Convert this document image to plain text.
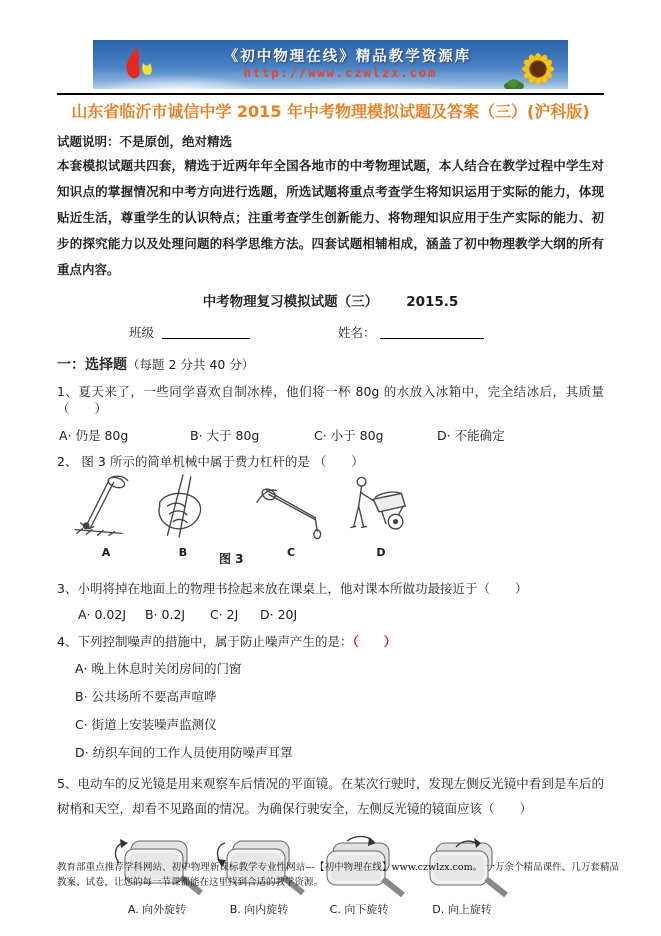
《初中物理在线》精品教学资源库
http://www.czwlzx.com
山东省临沂市诚信中学 2015 年中考物理模拟试题及答案（三）(沪科版)
试题说明：不是原创，绝对精选
本套模拟试题共四套，精选于近两年年全国各地市的中考物理试题，本人结合在教学过程中学生对知识点的掌握情况和中考方向进行选题，所选试题将重点考查学生将知识运用于实际的能力，体现贴近生活，尊重学生的认识特点；注重考查学生创新能力、将物理知识应用于生产实际的能力、初步的探究能力以及处理问题的科学思维方法。四套试题相辅相成，涵盖了初中物理教学大纲的所有重点内容。
中考物理复习模拟试题（三） 2015.5
班级	姓名：
一：选择题（每题 2 分共 40 分）
1、夏天来了，一些同学喜欢自制冰棒，他们将一杯 80g 的水放入冰箱中，完全结冰后，其质量（　　）
A· 仍是 80g	B· 大于 80g	C· 小于 80g	D· 不能确定
2、 图 3 所示的简单机械中属于费力杠杆的是 （　　）
A	B	C	D
图 3
3、小明将掉在地面上的物理书捡起来放在课桌上，他对课本所做功最接近于（　　）
A· 0.02J B· 0.2J C· 2J D· 20J
4、下列控制噪声的措施中，属于防止噪声产生的是：（　　）
A· 晚上休息时关闭房间的门窗
B· 公共场所不要高声喧哗
C· 街道上安装噪声监测仪
D· 纺织车间的工作人员使用防噪声耳罩
5、电动车的反光镜是用来观察车后情况的平面镜。在某次行驶时，发现左侧反光镜中看到是车后的树梢和天空，却看不见路面的情况。为确保行驶安全，左侧反光镜的镜面应该（　　）
A. 向外旋转	B. 向内旋转	C. 向下旋转	D. 向上旋转
教育部重点推荐学科网站、初中物理新课标教学专业性网站---【初中物理在线】www.czwlzx.com。 一万余个精品课件、几万套精品教案、试卷，让您的每一节课都能在这里找到合适的教学资源。
